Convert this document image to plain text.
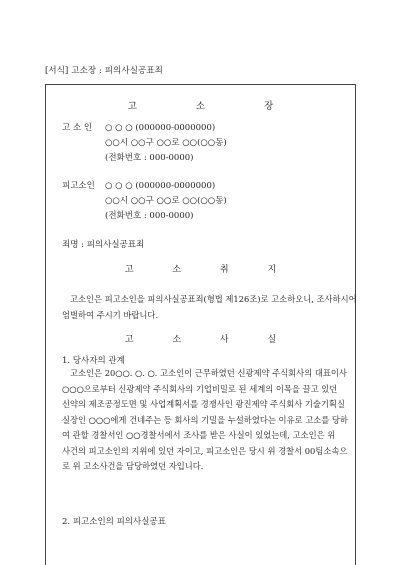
[서식] 고소장 : 피의사실공표죄
고 소 장
고 소 인 ○ ○ ○ (000000-0000000)
○○시 ○○구 ○○로 ○○(○○동)
(전화번호 : 000-0000)
피고소인 ○ ○ ○ (000000-0000000)
○○시 ○○구 ○○로 ○○(○○동)
(전화번호 : 000-0000)
죄명 : 피의사실공표죄
고 소 취 지
고소인은 피고소인을 피의사실공표죄(형법 제126조)로 고소하오니, 조사하시어
엄벌하여 주시기 바랍니다.
고 소 사 실
1. 당사자의 관계
고소인은 20○○. ○. ○. 고소인이 근무하였던 신광제약 주식회사의 대표이사
○○○으로부터 신광제약 주식회사의 기업비밀로 된 세계의 이목을 끌고 있던
신약의 제조공정도면 및 사업계획서를 경쟁사인 광진제약 주식회사 기술기획실
실장인 ○○○에게 건네주는 등 회사의 기밀을 누설하였다는 이유로 고소를 당하
여 관할 경찰서인 ○○경찰서에서 조사를 받은 사실이 있었는데, 고소인은 위
사건의 피고소인의 지위에 있던 자이고, 피고소인은 당시 위 경찰서 00팀소속으
로 위 고소사건을 담당하였던 자입니다.
2. 피고소인의 피의사실공표
